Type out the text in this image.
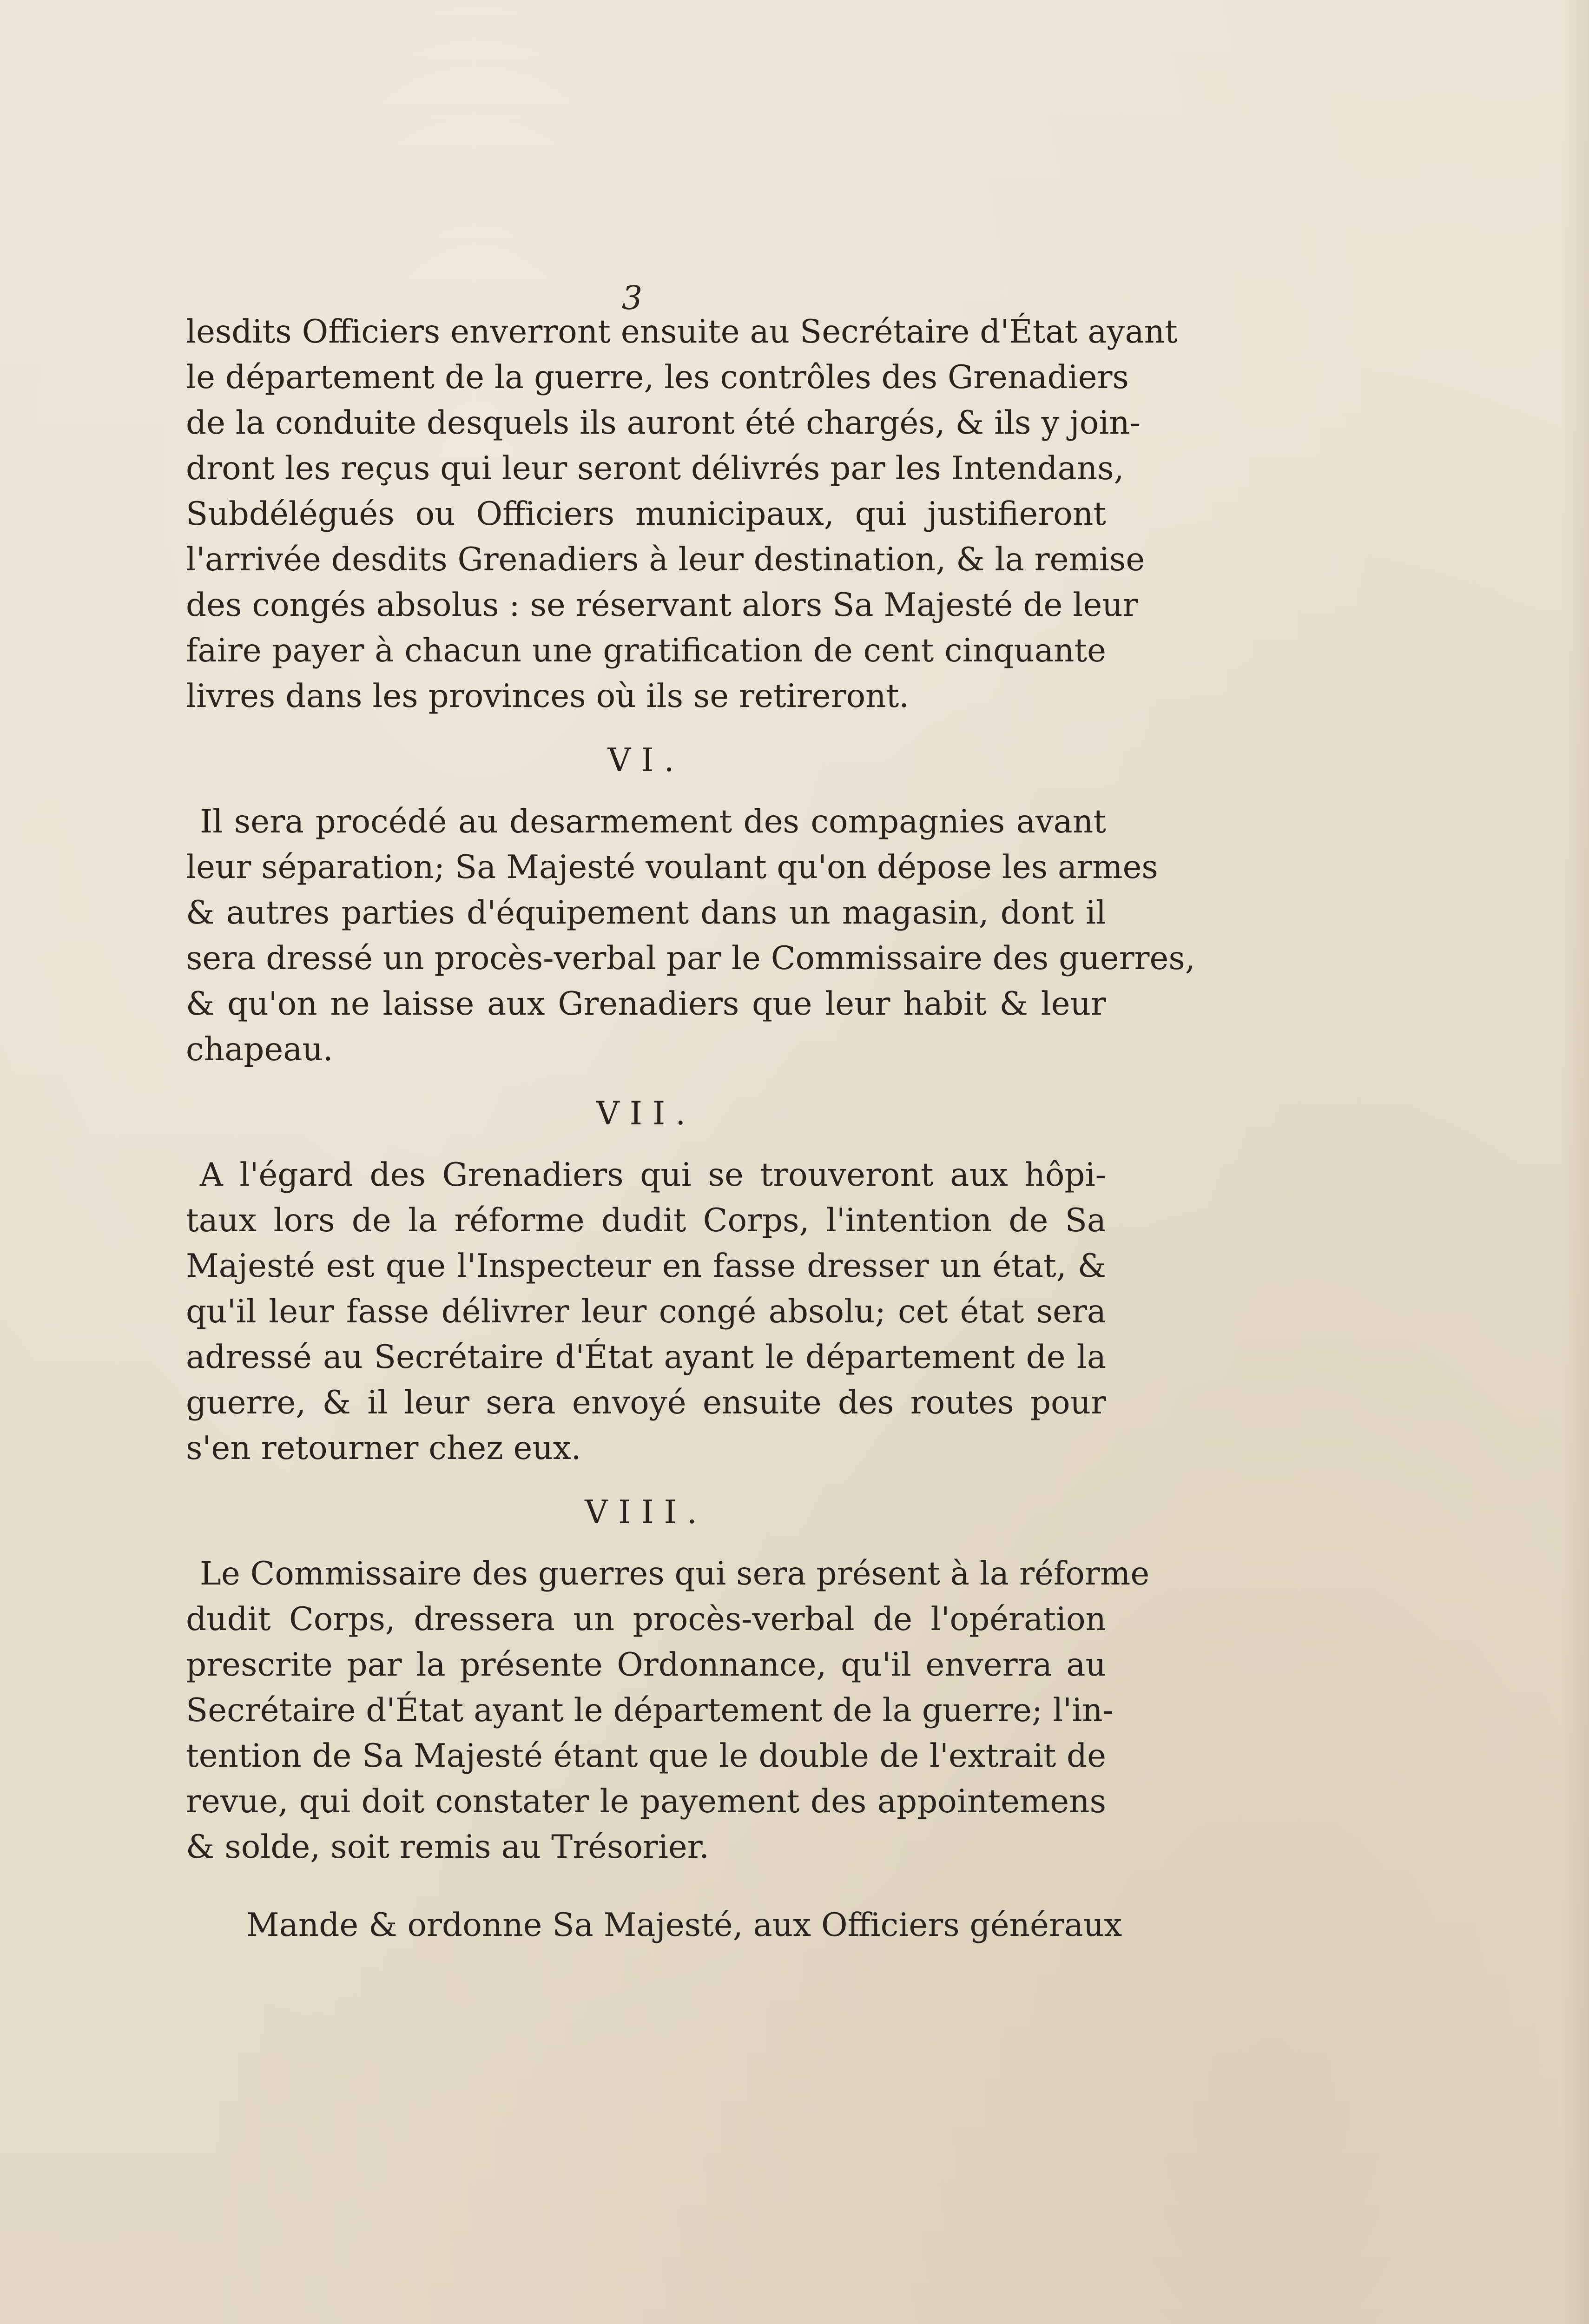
3
lesdits Officiers enverront ensuite au Secrétaire d'État ayant
le département de la guerre, les contrôles des Grenadiers
de la conduite desquels ils auront été chargés, & ils y join-
dront les reçus qui leur seront délivrés par les Intendans,
Subdélégués ou Officiers municipaux, qui justifieront
l'arrivée desdits Grenadiers à leur destination, & la remise
des congés absolus : se réservant alors Sa Majesté de leur
faire payer à chacun une gratification de cent cinquante
livres dans les provinces où ils se retireront.
VI.
Il sera procédé au desarmement des compagnies avant
leur séparation; Sa Majesté voulant qu'on dépose les armes
& autres parties d'équipement dans un magasin, dont il
sera dressé un procès-verbal par le Commissaire des guerres,
& qu'on ne laisse aux Grenadiers que leur habit & leur
chapeau.
VII.
A l'égard des Grenadiers qui se trouveront aux hôpi-
taux lors de la réforme dudit Corps, l'intention de Sa
Majesté est que l'Inspecteur en fasse dresser un état, &
qu'il leur fasse délivrer leur congé absolu; cet état sera
adressé au Secrétaire d'État ayant le département de la
guerre, & il leur sera envoyé ensuite des routes pour
s'en retourner chez eux.
VIII.
Le Commissaire des guerres qui sera présent à la réforme
dudit Corps, dressera un procès-verbal de l'opération
prescrite par la présente Ordonnance, qu'il enverra au
Secrétaire d'État ayant le département de la guerre; l'in-
tention de Sa Majesté étant que le double de l'extrait de
revue, qui doit constater le payement des appointemens
& solde, soit remis au Trésorier.
Mande & ordonne Sa Majesté, aux Officiers généraux
